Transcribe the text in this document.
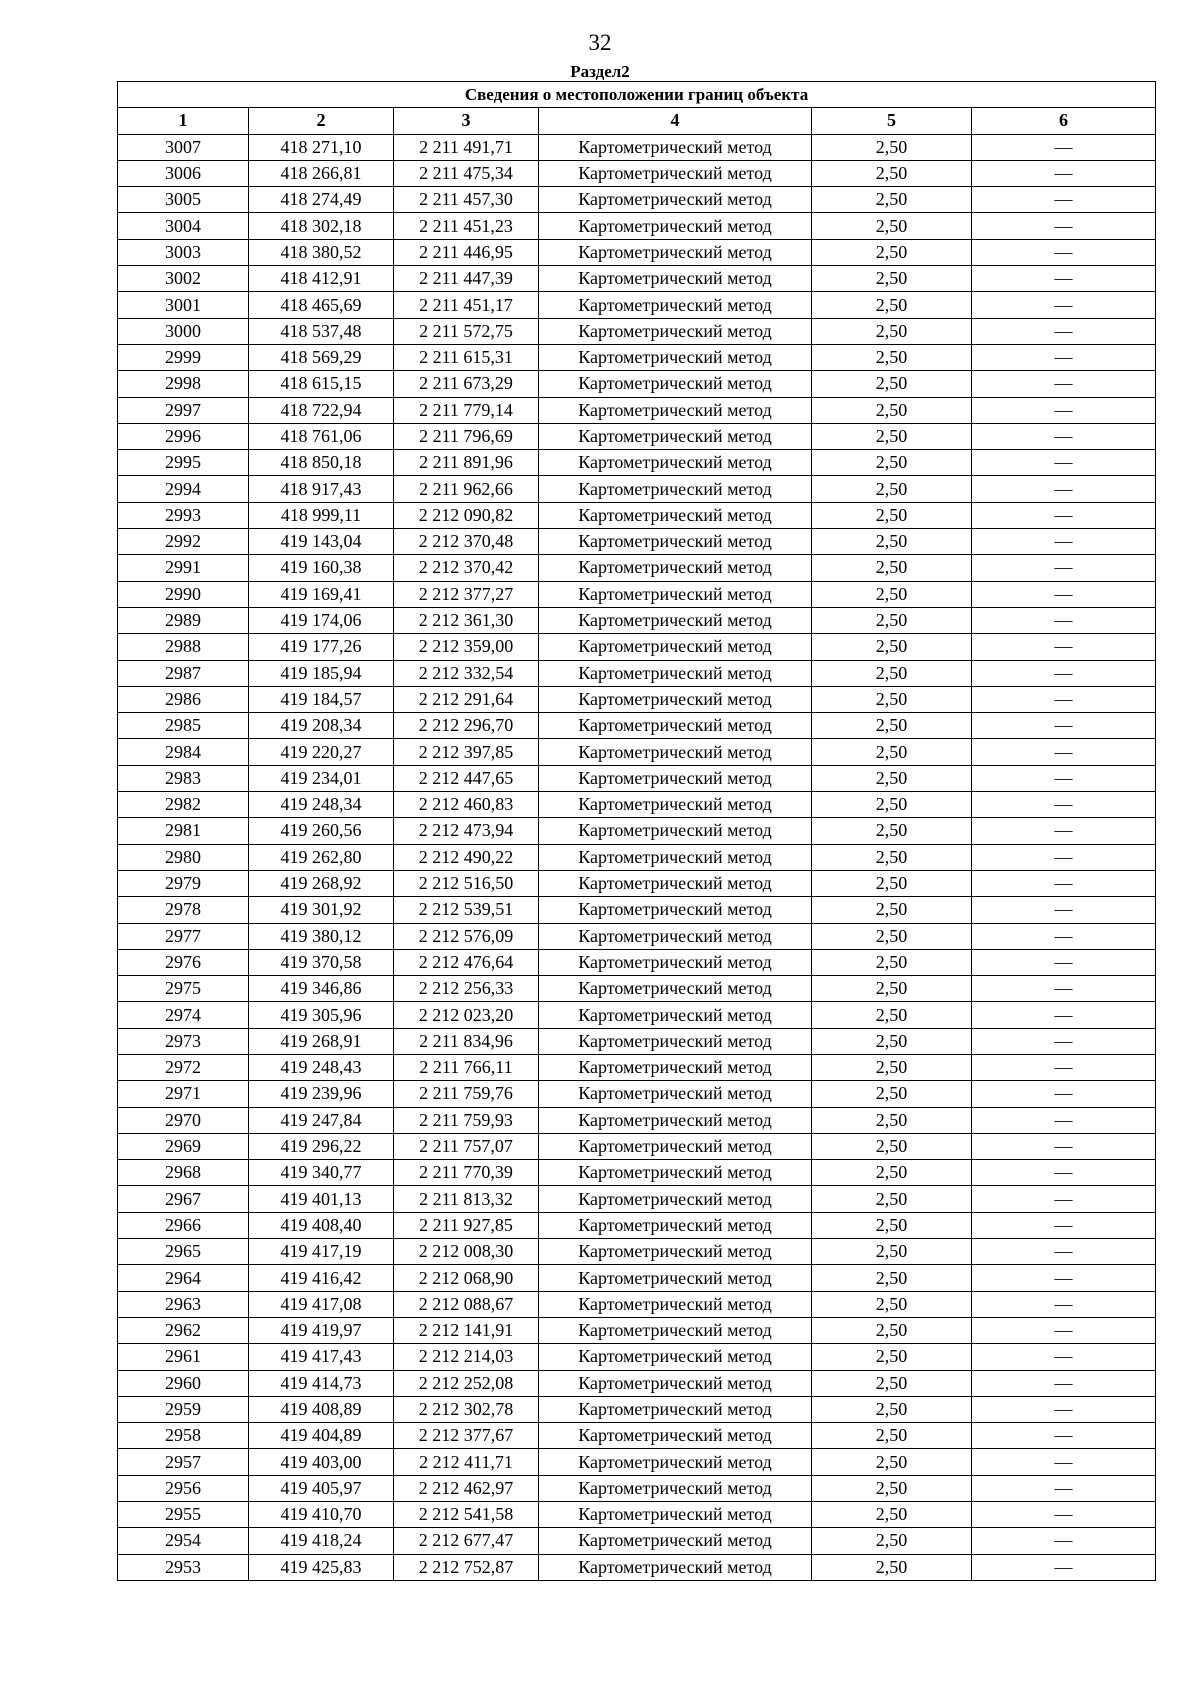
32
Раздел2
Сведения о местоположении границ объекта					
1	2	3	4	5	6
3007	418 271,10	2 211 491,71	Картометрический метод	2,50	—
3006	418 266,81	2 211 475,34	Картометрический метод	2,50	—
3005	418 274,49	2 211 457,30	Картометрический метод	2,50	—
3004	418 302,18	2 211 451,23	Картометрический метод	2,50	—
3003	418 380,52	2 211 446,95	Картометрический метод	2,50	—
3002	418 412,91	2 211 447,39	Картометрический метод	2,50	—
3001	418 465,69	2 211 451,17	Картометрический метод	2,50	—
3000	418 537,48	2 211 572,75	Картометрический метод	2,50	—
2999	418 569,29	2 211 615,31	Картометрический метод	2,50	—
2998	418 615,15	2 211 673,29	Картометрический метод	2,50	—
2997	418 722,94	2 211 779,14	Картометрический метод	2,50	—
2996	418 761,06	2 211 796,69	Картометрический метод	2,50	—
2995	418 850,18	2 211 891,96	Картометрический метод	2,50	—
2994	418 917,43	2 211 962,66	Картометрический метод	2,50	—
2993	418 999,11	2 212 090,82	Картометрический метод	2,50	—
2992	419 143,04	2 212 370,48	Картометрический метод	2,50	—
2991	419 160,38	2 212 370,42	Картометрический метод	2,50	—
2990	419 169,41	2 212 377,27	Картометрический метод	2,50	—
2989	419 174,06	2 212 361,30	Картометрический метод	2,50	—
2988	419 177,26	2 212 359,00	Картометрический метод	2,50	—
2987	419 185,94	2 212 332,54	Картометрический метод	2,50	—
2986	419 184,57	2 212 291,64	Картометрический метод	2,50	—
2985	419 208,34	2 212 296,70	Картометрический метод	2,50	—
2984	419 220,27	2 212 397,85	Картометрический метод	2,50	—
2983	419 234,01	2 212 447,65	Картометрический метод	2,50	—
2982	419 248,34	2 212 460,83	Картометрический метод	2,50	—
2981	419 260,56	2 212 473,94	Картометрический метод	2,50	—
2980	419 262,80	2 212 490,22	Картометрический метод	2,50	—
2979	419 268,92	2 212 516,50	Картометрический метод	2,50	—
2978	419 301,92	2 212 539,51	Картометрический метод	2,50	—
2977	419 380,12	2 212 576,09	Картометрический метод	2,50	—
2976	419 370,58	2 212 476,64	Картометрический метод	2,50	—
2975	419 346,86	2 212 256,33	Картометрический метод	2,50	—
2974	419 305,96	2 212 023,20	Картометрический метод	2,50	—
2973	419 268,91	2 211 834,96	Картометрический метод	2,50	—
2972	419 248,43	2 211 766,11	Картометрический метод	2,50	—
2971	419 239,96	2 211 759,76	Картометрический метод	2,50	—
2970	419 247,84	2 211 759,93	Картометрический метод	2,50	—
2969	419 296,22	2 211 757,07	Картометрический метод	2,50	—
2968	419 340,77	2 211 770,39	Картометрический метод	2,50	—
2967	419 401,13	2 211 813,32	Картометрический метод	2,50	—
2966	419 408,40	2 211 927,85	Картометрический метод	2,50	—
2965	419 417,19	2 212 008,30	Картометрический метод	2,50	—
2964	419 416,42	2 212 068,90	Картометрический метод	2,50	—
2963	419 417,08	2 212 088,67	Картометрический метод	2,50	—
2962	419 419,97	2 212 141,91	Картометрический метод	2,50	—
2961	419 417,43	2 212 214,03	Картометрический метод	2,50	—
2960	419 414,73	2 212 252,08	Картометрический метод	2,50	—
2959	419 408,89	2 212 302,78	Картометрический метод	2,50	—
2958	419 404,89	2 212 377,67	Картометрический метод	2,50	—
2957	419 403,00	2 212 411,71	Картометрический метод	2,50	—
2956	419 405,97	2 212 462,97	Картометрический метод	2,50	—
2955	419 410,70	2 212 541,58	Картометрический метод	2,50	—
2954	419 418,24	2 212 677,47	Картометрический метод	2,50	—
2953	419 425,83	2 212 752,87	Картометрический метод	2,50	—
